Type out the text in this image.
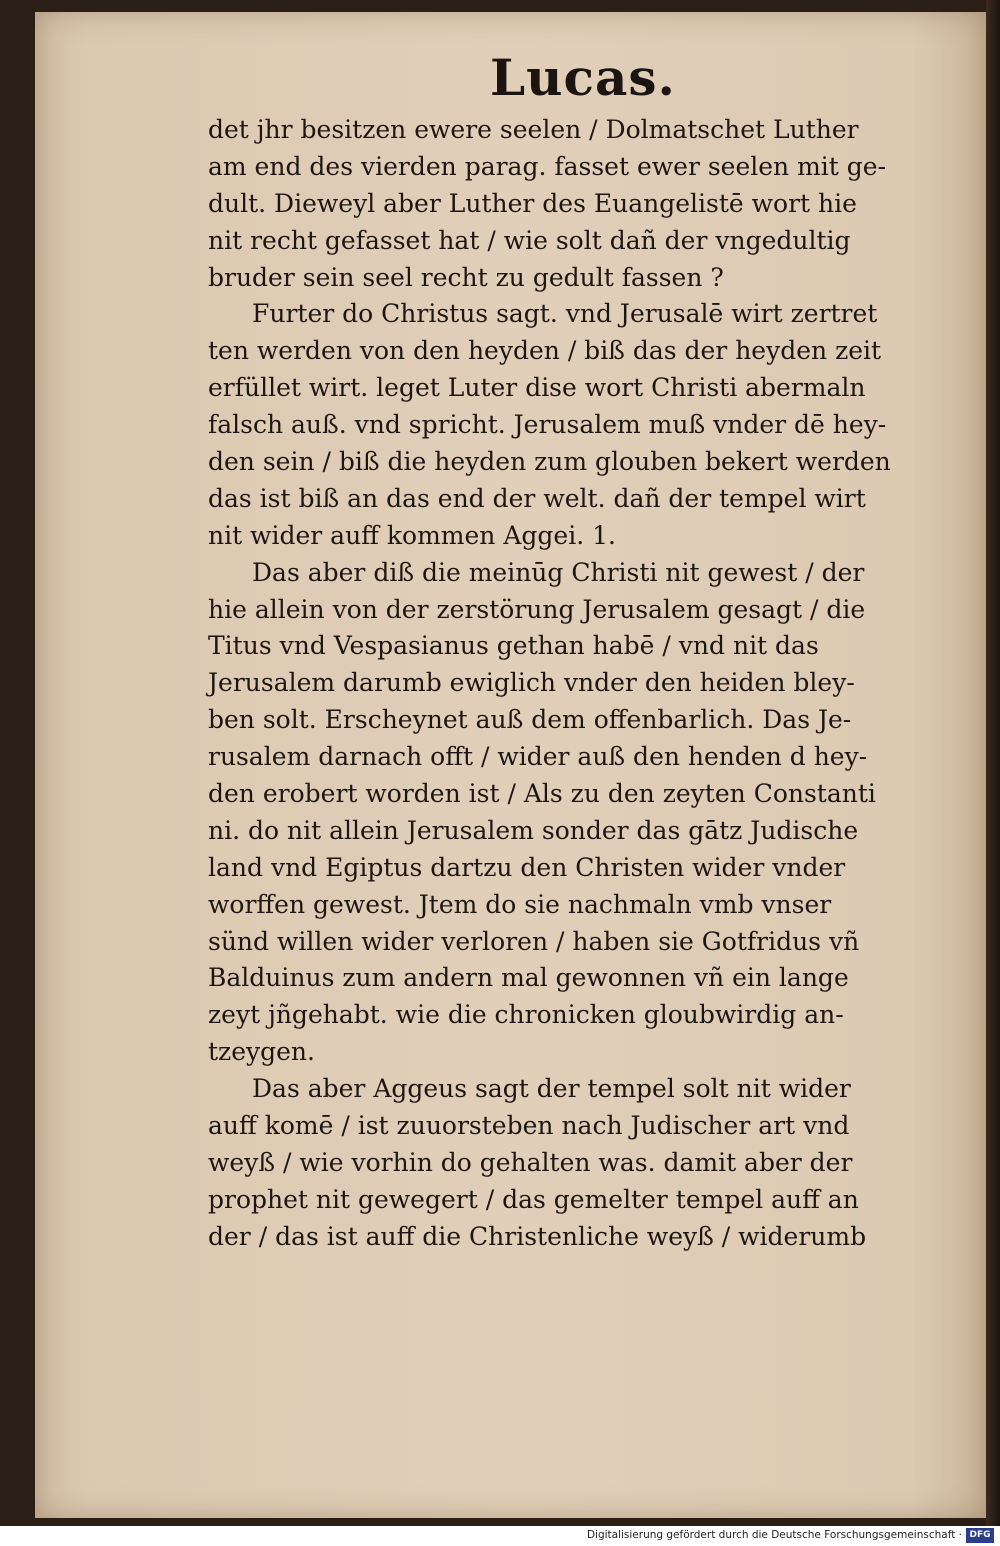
Lucas.
det jhr besitzen ewere seelen / Dolmatschet Luther
am end des vierden parag. fasset ewer seelen mit ge-
dult. Dieweyl aber Luther des Euangelistē wort hie
nit recht gefasset hat / wie solt dañ der vngedultig
bruder sein seel recht zu gedult fassen ?
Furter do Christus sagt. vnd Jerusalē wirt zertret
ten werden von den heyden / biß das der heyden zeit
erfüllet wirt. leget Luter dise wort Christi abermaln
falsch auß. vnd spricht. Jerusalem muß vnder dē hey-
den sein / biß die heyden zum glouben bekert werden
das ist biß an das end der welt. dañ der tempel wirt
nit wider auff kommen Aggei. 1.
Das aber diß die meinūg Christi nit gewest / der
hie allein von der zerstörung Jerusalem gesagt / die
Titus vnd Vespasianus gethan habē / vnd nit das
Jerusalem darumb ewiglich vnder den heiden bley-
ben solt. Erscheynet auß dem offenbarlich. Das Je-
rusalem darnach offt / wider auß den henden d hey-
den erobert worden ist / Als zu den zeyten Constanti
ni. do nit allein Jerusalem sonder das gātz Judische
land vnd Egiptus dartzu den Christen wider vnder
worffen gewest. Jtem do sie nachmaln vmb vnser
sünd willen wider verloren / haben sie Gotfridus vñ
Balduinus zum andern mal gewonnen vñ ein lange
zeyt jñgehabt. wie die chronicken gloubwirdig an-
tzeygen.
Das aber Aggeus sagt der tempel solt nit wider
auff komē / ist zuuorsteben nach Judischer art vnd
weyß / wie vorhin do gehalten was. damit aber der
prophet nit gewegert / das gemelter tempel auff an
der / das ist auff die Christenliche weyß / widerumb
Digitalisierung gefördert durch die Deutsche Forschungsgemeinschaft · DFG
